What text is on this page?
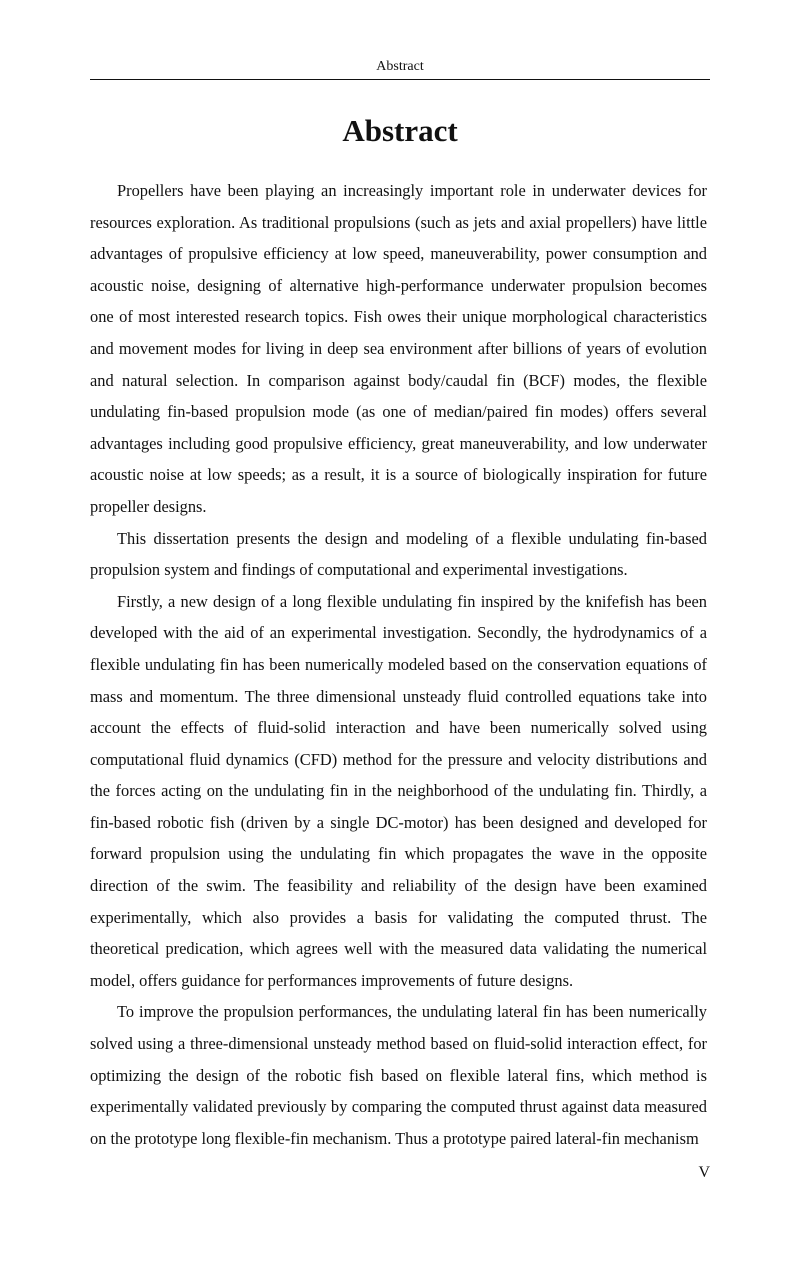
Abstract
Abstract

Propellers have been playing an increasingly important role in underwater devices for resources exploration. As traditional propulsions (such as jets and axial propellers) have little advantages of propulsive efficiency at low speed, maneuverability, power consumption and acoustic noise, designing of alternative high-performance underwater propulsion becomes one of most interested research topics. Fish owes their unique morphological characteristics and movement modes for living in deep sea environment after billions of years of evolution and natural selection. In comparison against body/caudal fin (BCF) modes, the flexible undulating fin-based propulsion mode (as one of median/paired fin modes) offers several advantages including good propulsive efficiency, great maneuverability, and low underwater acoustic noise at low speeds; as a result, it is a source of biologically inspiration for future propeller designs.

This dissertation presents the design and modeling of a flexible undulating fin-based propulsion system and findings of computational and experimental investigations.

Firstly, a new design of a long flexible undulating fin inspired by the knifefish has been developed with the aid of an experimental investigation. Secondly, the hydrodynamics of a flexible undulating fin has been numerically modeled based on the conservation equations of mass and momentum. The three dimensional unsteady fluid controlled equations take into account the effects of fluid-solid interaction and have been numerically solved using computational fluid dynamics (CFD) method for the pressure and velocity distributions and the forces acting on the undulating fin in the neighborhood of the undulating fin. Thirdly, a fin-based robotic fish (driven by a single DC-motor) has been designed and developed for forward propulsion using the undulating fin which propagates the wave in the opposite direction of the swim. The feasibility and reliability of the design have been examined experimentally, which also provides a basis for validating the computed thrust. The theoretical predication, which agrees well with the measured data validating the numerical model, offers guidance for performances improvements of future designs.

To improve the propulsion performances, the undulating lateral fin has been numerically solved using a three-dimensional unsteady method based on fluid-solid interaction effect, for optimizing the design of the robotic fish based on flexible lateral fins, which method is experimentally validated previously by comparing the computed thrust against data measured on the prototype long flexible-fin mechanism. Thus a prototype paired lateral-fin mechanism

V
